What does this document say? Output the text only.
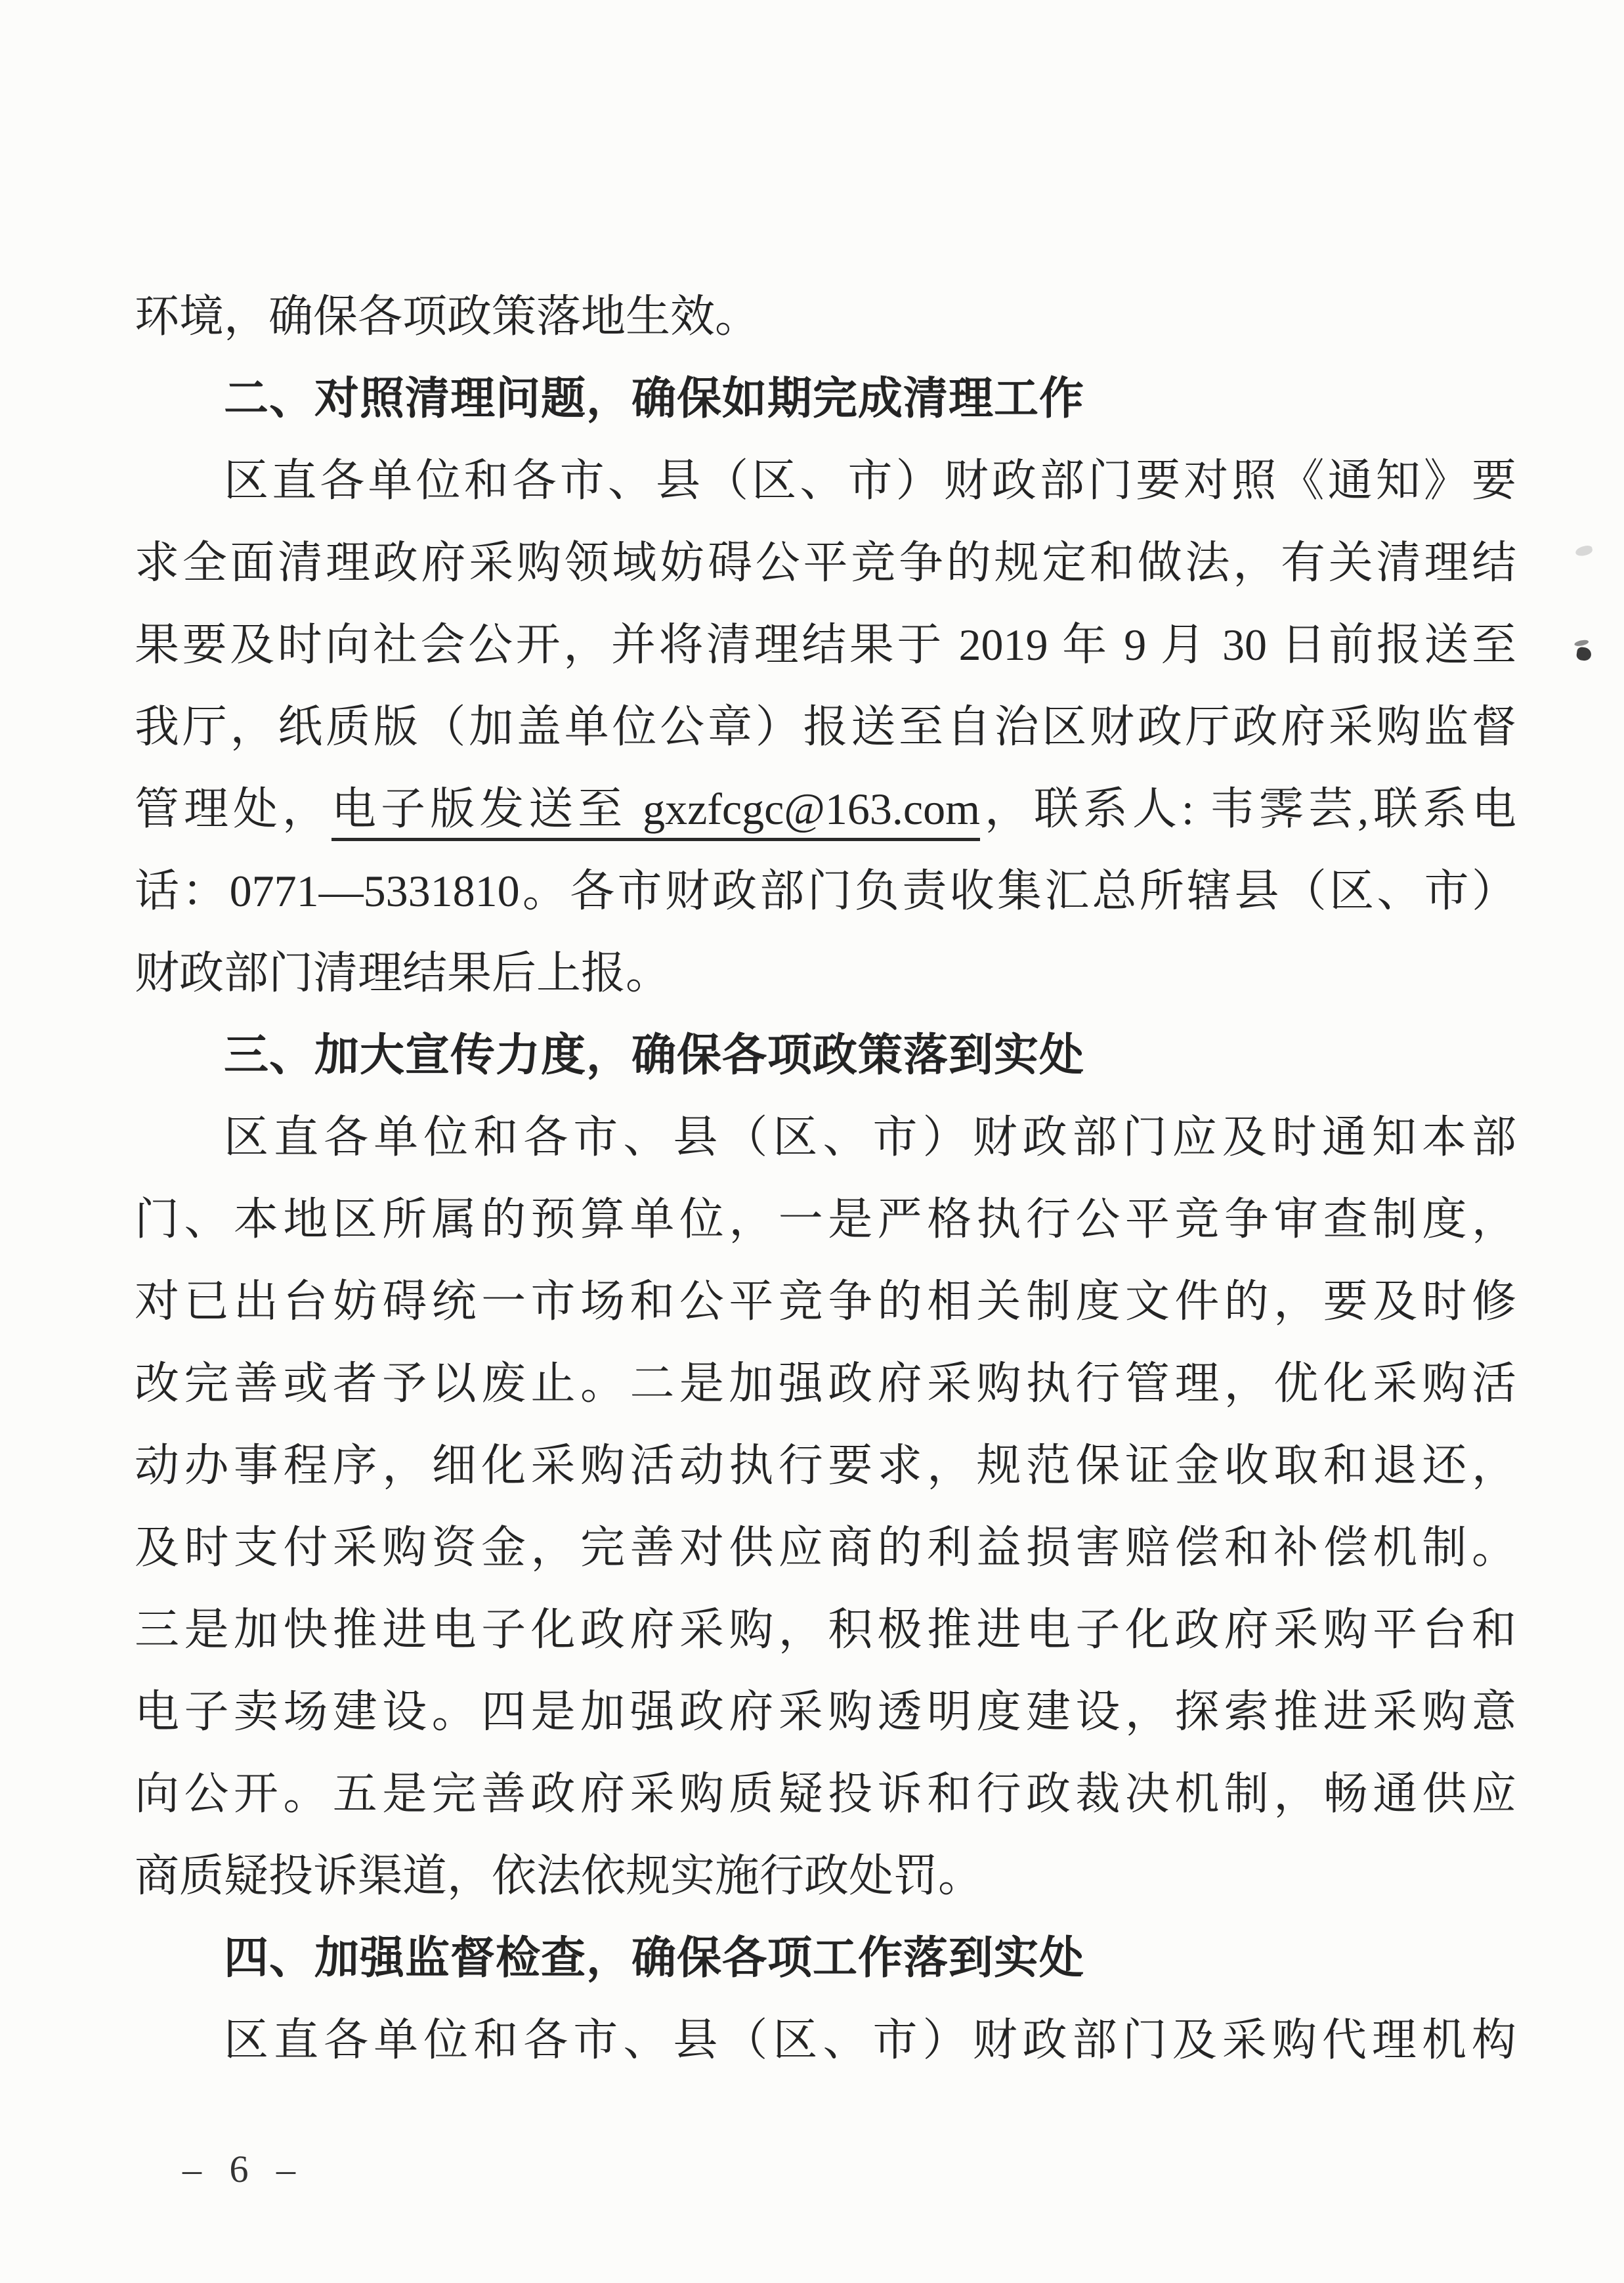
环境，确保各项政策落地生效。
二、对照清理问题，确保如期完成清理工作
区直各单位和各市、县（区、市）财政部门要对照《通知》要
求全面清理政府采购领域妨碍公平竞争的规定和做法，有关清理结
果要及时向社会公开，并将清理结果于 2019 年 9 月 30 日前报送至
我厅，纸质版（加盖单位公章）报送至自治区财政厅政府采购监督
管理处，电子版发送至 gxzfcgc@163.com，联系人: 韦霁芸,联系电
话：0771—5331810。各市财政部门负责收集汇总所辖县（区、市）
财政部门清理结果后上报。
三、加大宣传力度，确保各项政策落到实处
区直各单位和各市、县（区、市）财政部门应及时通知本部
门、本地区所属的预算单位，一是严格执行公平竞争审查制度，
对已出台妨碍统一市场和公平竞争的相关制度文件的，要及时修
改完善或者予以废止。二是加强政府采购执行管理，优化采购活
动办事程序，细化采购活动执行要求，规范保证金收取和退还，
及时支付采购资金，完善对供应商的利益损害赔偿和补偿机制。
三是加快推进电子化政府采购，积极推进电子化政府采购平台和
电子卖场建设。四是加强政府采购透明度建设，探索推进采购意
向公开。五是完善政府采购质疑投诉和行政裁决机制，畅通供应
商质疑投诉渠道，依法依规实施行政处罚。
四、加强监督检查，确保各项工作落到实处
区直各单位和各市、县（区、市）财政部门及采购代理机构
– 6 –
